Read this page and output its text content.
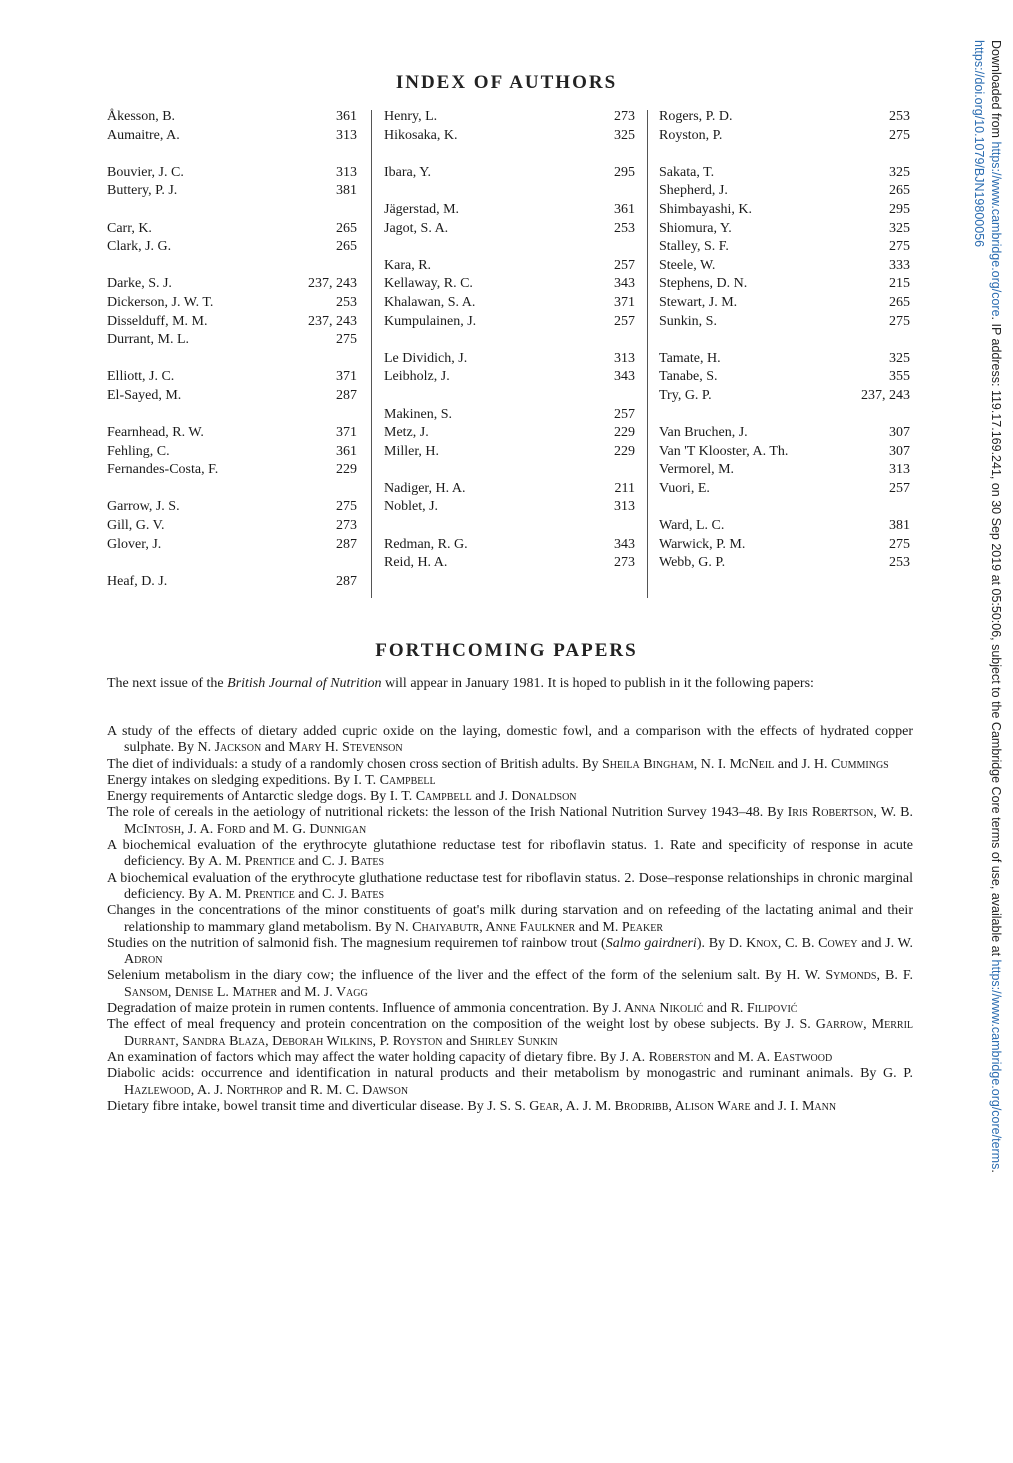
Downloaded from https://www.cambridge.org/core. IP address: 119.17.169.241, on 30 Sep 2019 at 05:50:06, subject to the Cambridge Core terms of use, available at https://www.cambridge.org/core/terms.
https://doi.org/10.1079/BJN19800056
INDEX OF AUTHORS
Åkesson, B.	361
Aumaitre, A.	313
Bouvier, J. C.	313
Buttery, P. J.	381
Carr, K.	265
Clark, J. G.	265
Darke, S. J.	237, 243
Dickerson, J. W. T.	253
Disselduff, M. M.	237, 243
Durrant, M. L.	275
Elliott, J. C.	371
El-Sayed, M.	287
Fearnhead, R. W.	371
Fehling, C.	361
Fernandes-Costa, F.	229
Garrow, J. S.	275
Gill, G. V.	273
Glover, J.	287
Heaf, D. J.	287
Henry, L.	273
Hikosaka, K.	325
Ibara, Y.	295
Jägerstad, M.	361
Jagot, S. A.	253
Kara, R.	257
Kellaway, R. C.	343
Khalawan, S. A.	371
Kumpulainen, J.	257
Le Dividich, J.	313
Leibholz, J.	343
Makinen, S.	257
Metz, J.	229
Miller, H.	229
Nadiger, H. A.	211
Noblet, J.	313
Redman, R. G.	343
Reid, H. A.	273
Rogers, P. D.	253
Royston, P.	275
Sakata, T.	325
Shepherd, J.	265
Shimbayashi, K.	295
Shiomura, Y.	325
Stalley, S. F.	275
Steele, W.	333
Stephens, D. N.	215
Stewart, J. M.	265
Sunkin, S.	275
Tamate, H.	325
Tanabe, S.	355
Try, G. P.	237, 243
Van Bruchen, J.	307
Van 'T Klooster, A. Th.	307
Vermorel, M.	313
Vuori, E.	257
Ward, L. C.	381
Warwick, P. M.	275
Webb, G. P.	253
FORTHCOMING PAPERS
The next issue of the British Journal of Nutrition will appear in January 1981. It is hoped to publish in it the following papers:

A study of the effects of dietary added cupric oxide on the laying, domestic fowl, and a comparison with the effects of hydrated copper sulphate. By N. Jackson and Mary H. Stevenson

The diet of individuals: a study of a randomly chosen cross section of British adults. By Sheila Bingham, N. I. McNeil and J. H. Cummings

Energy intakes on sledging expeditions. By I. T. Campbell

Energy requirements of Antarctic sledge dogs. By I. T. Campbell and J. Donaldson

The role of cereals in the aetiology of nutritional rickets: the lesson of the Irish National Nutrition Survey 1943–48. By Iris Robertson, W. B. McIntosh, J. A. Ford and M. G. Dunnigan

A biochemical evaluation of the erythrocyte glutathione reductase test for riboflavin status. 1. Rate and specificity of response in acute deficiency. By A. M. Prentice and C. J. Bates

A biochemical evaluation of the erythrocyte gluthatione reductase test for riboflavin status. 2. Dose–response relationships in chronic marginal deficiency. By A. M. Prentice and C. J. Bates

Changes in the concentrations of the minor constituents of goat's milk during starvation and on refeeding of the lactating animal and their relationship to mammary gland metabolism. By N. Chaiyabutr, Anne Faulkner and M. Peaker

Studies on the nutrition of salmonid fish. The magnesium requiremen tof rainbow trout (Salmo gairdneri). By D. Knox, C. B. Cowey and J. W. Adron

Selenium metabolism in the diary cow; the influence of the liver and the effect of the form of the selenium salt. By H. W. Symonds, B. F. Sansom, Denise L. Mather and M. J. Vagg

Degradation of maize protein in rumen contents. Influence of ammonia concentration. By J. Anna Nikolić and R. Filipović

The effect of meal frequency and protein concentration on the composition of the weight lost by obese subjects. By J. S. Garrow, Merril Durrant, Sandra Blaza, Deborah Wilkins, P. Royston and Shirley Sunkin

An examination of factors which may affect the water holding capacity of dietary fibre. By J. A. Roberston and M. A. Eastwood

Diabolic acids: occurrence and identification in natural products and their metabolism by monogastric and ruminant animals. By G. P. Hazlewood, A. J. Northrop and R. M. C. Dawson

Dietary fibre intake, bowel transit time and diverticular disease. By J. S. S. Gear, A. J. M. Brodribb, Alison Ware and J. I. Mann
